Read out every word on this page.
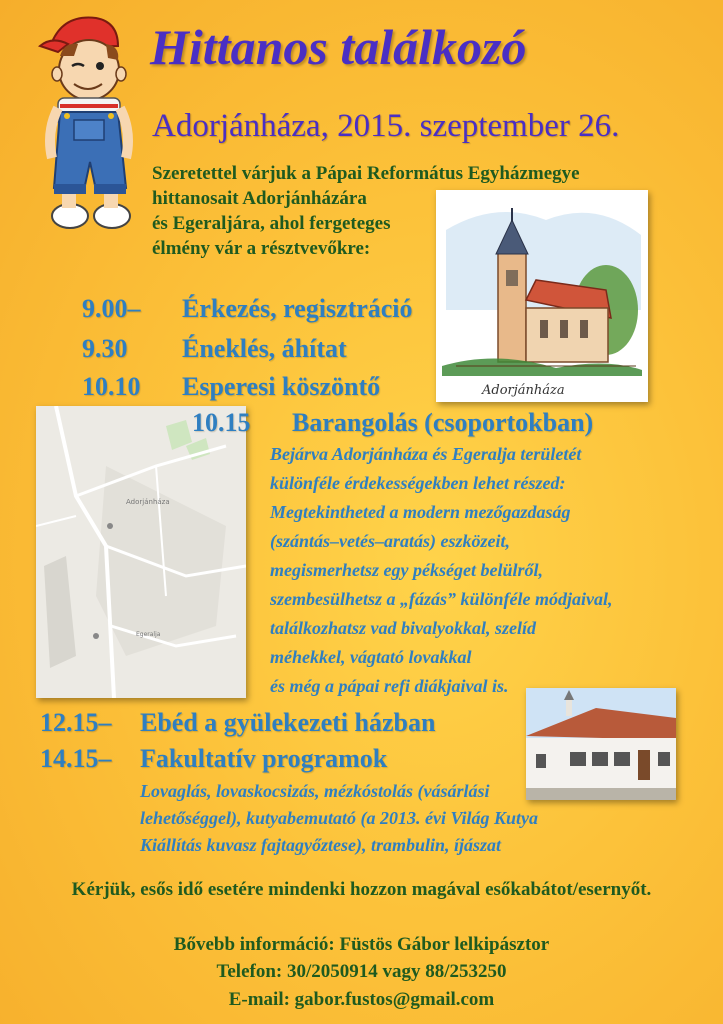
Hittanos találkozó
Adorjánháza, 2015. szeptember 26.
Szeretettel várjuk a Pápai Református Egyházmegye
hittanosait Adorjánházára
és Egeraljára, ahol fergeteges
élmény vár a résztvevőkre:
Adorjánháza
9.00– Érkezés, regisztráció
9.30 Éneklés, áhítat
10.10 Esperesi köszöntő
Adorjánháza
Egeralja
10.15 Barangolás (csoportokban)
Bejárva Adorjánháza és Egeralja területét
különféle érdekességekben lehet részed:
Megtekintheted a modern mezőgazdaság
(szántás–vetés–aratás) eszközeit,
megismerhetsz egy pékséget belülről,
szembesülhetsz a „fázás” különféle módjaival,
találkozhatsz vad bivalyokkal, szelíd
méhekkel, vágtató lovakkal
és még a pápai refi diákjaival is.
12.15– Ebéd a gyülekezeti házban
14.15– Fakultatív programok
Lovaglás, lovaskocsizás, mézkóstolás (vásárlási
lehetőséggel), kutyabemutató (a 2013. évi Világ Kutya
Kiállítás kuvasz fajtagyőztese), trambulin, íjászat
Kérjük, esős idő esetére mindenki hozzon magával esőkabátot/esernyőt.
Bővebb információ: Füstös Gábor lelkipásztor
Telefon: 30/2050914 vagy 88/253250
E-mail: gabor.fustos@gmail.com
